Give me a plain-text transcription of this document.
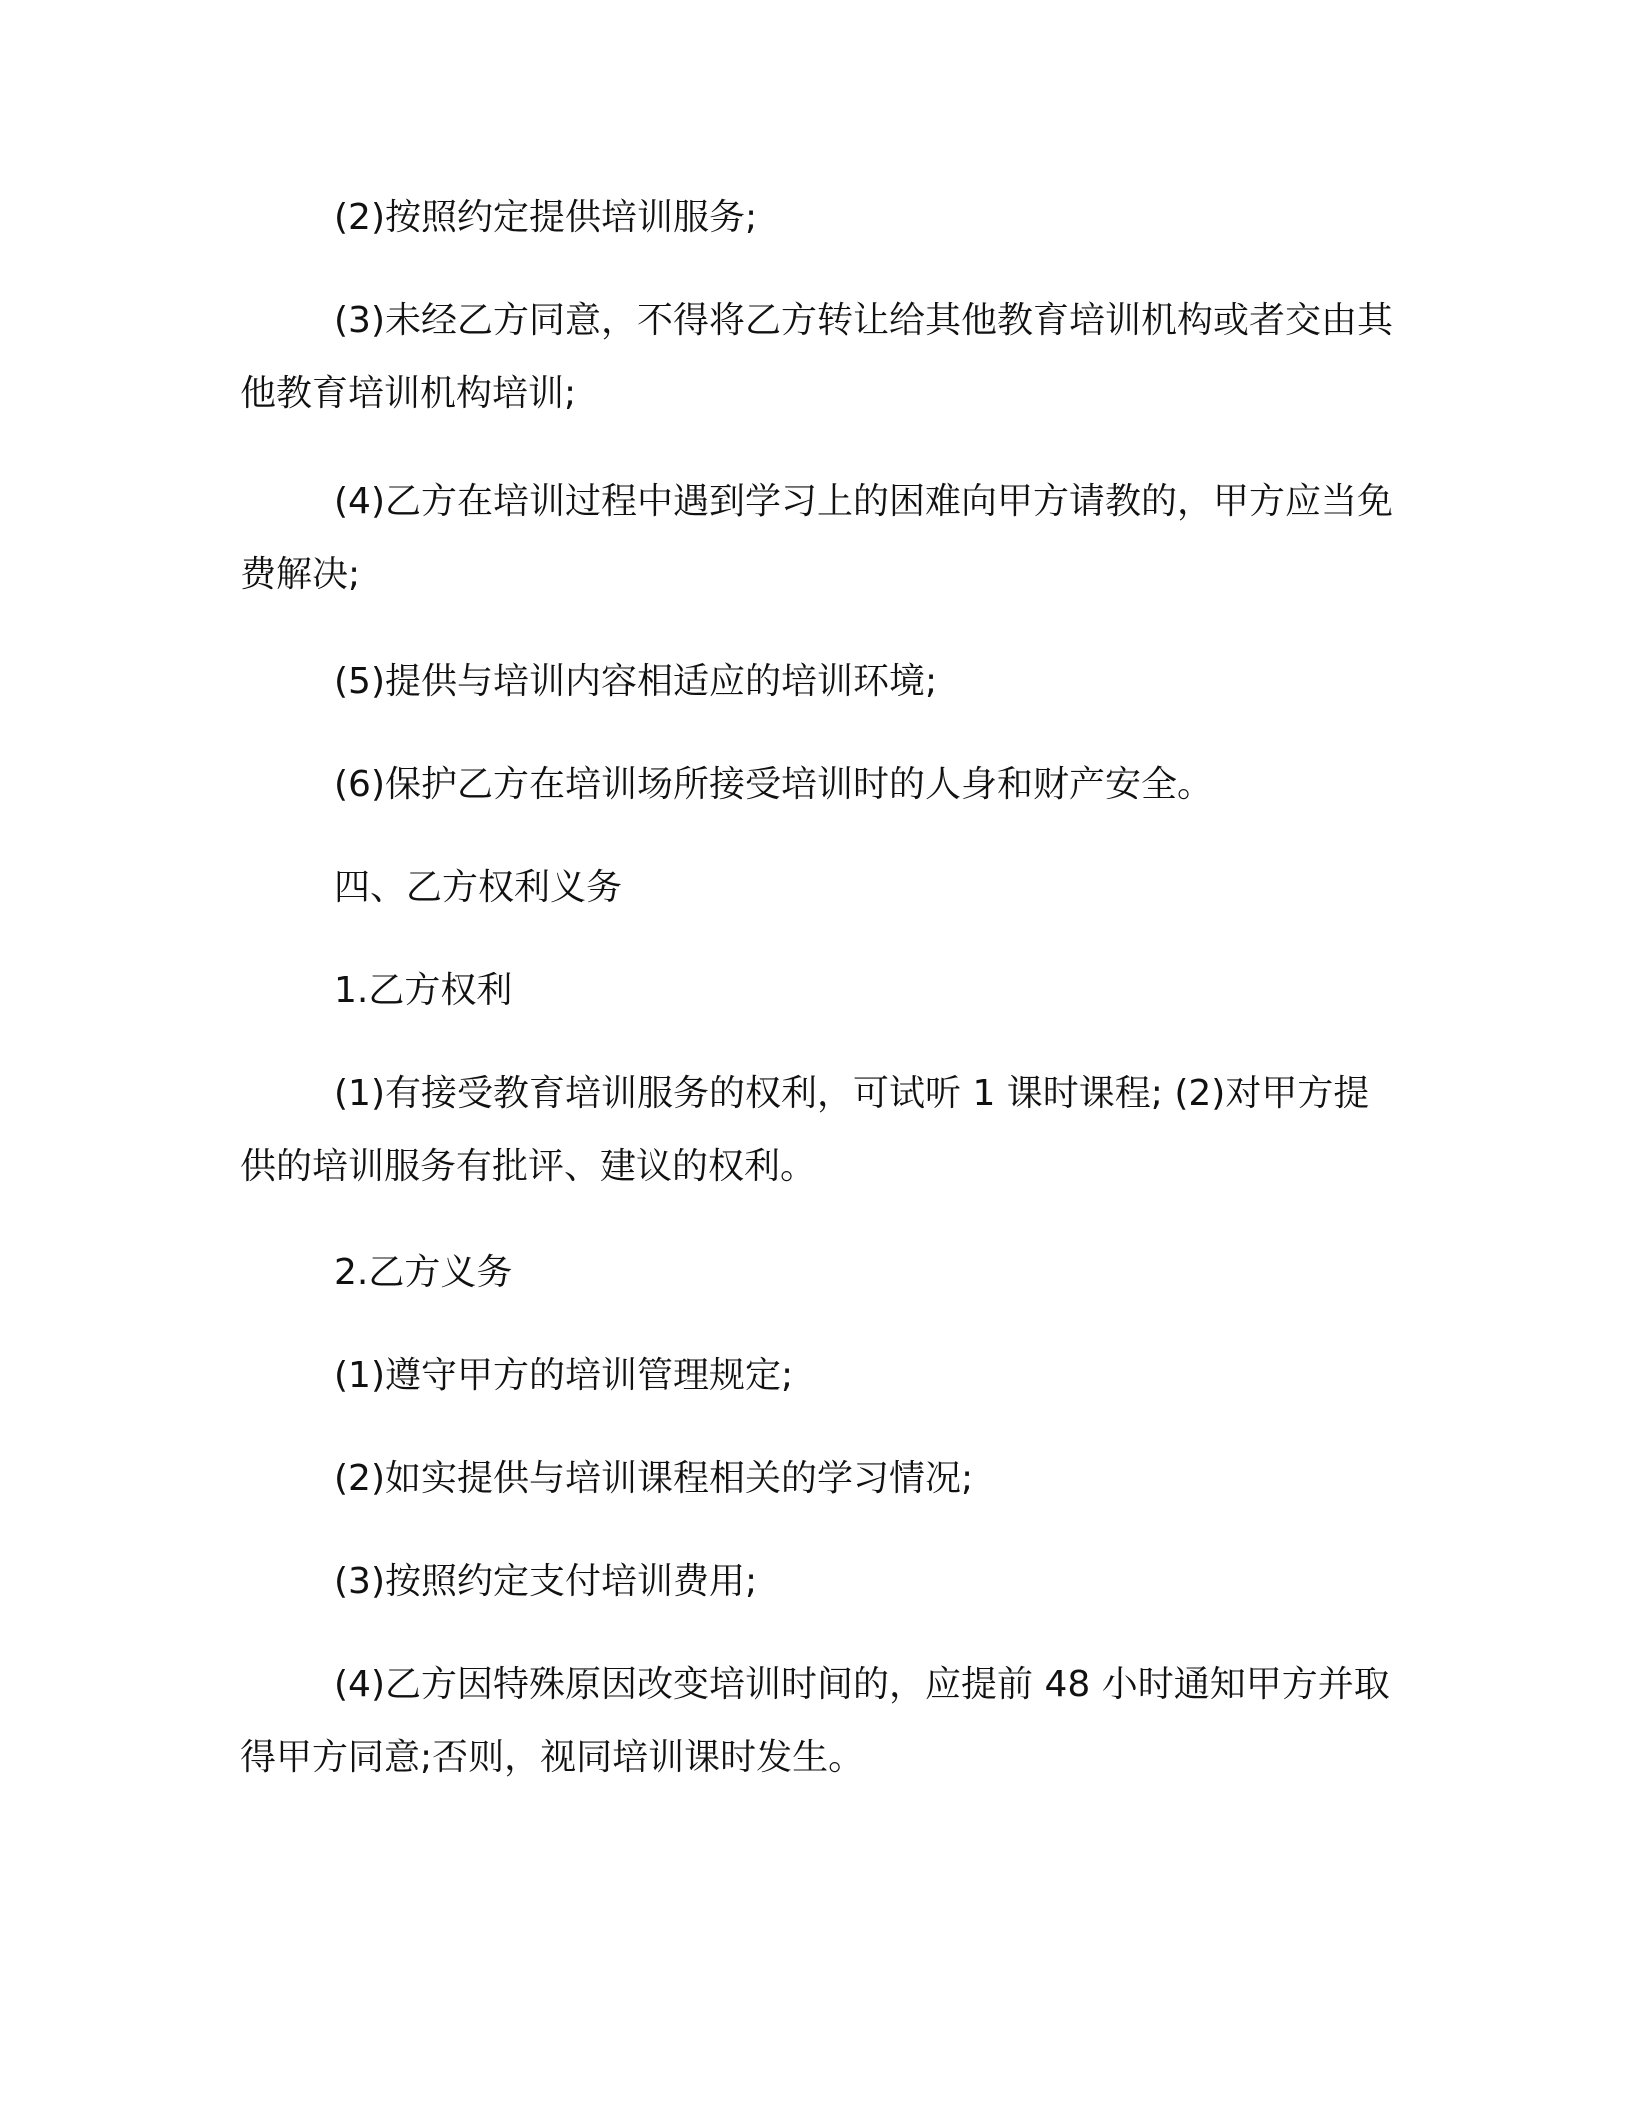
(2)按照约定提供培训服务;

(3)未经乙方同意，不得将乙方转让给其他教育培训机构或者交由其他教育培训机构培训;

(4)乙方在培训过程中遇到学习上的困难向甲方请教的，甲方应当免费解决;

(5)提供与培训内容相适应的培训环境;

(6)保护乙方在培训场所接受培训时的人身和财产安全。

四、乙方权利义务

1.乙方权利

(1)有接受教育培训服务的权利，可试听 1 课时课程; (2)对甲方提供的培训服务有批评、建议的权利。

2.乙方义务

(1)遵守甲方的培训管理规定;

(2)如实提供与培训课程相关的学习情况;

(3)按照约定支付培训费用;

(4)乙方因特殊原因改变培训时间的，应提前 48 小时通知甲方并取得甲方同意;否则，视同培训课时发生。
